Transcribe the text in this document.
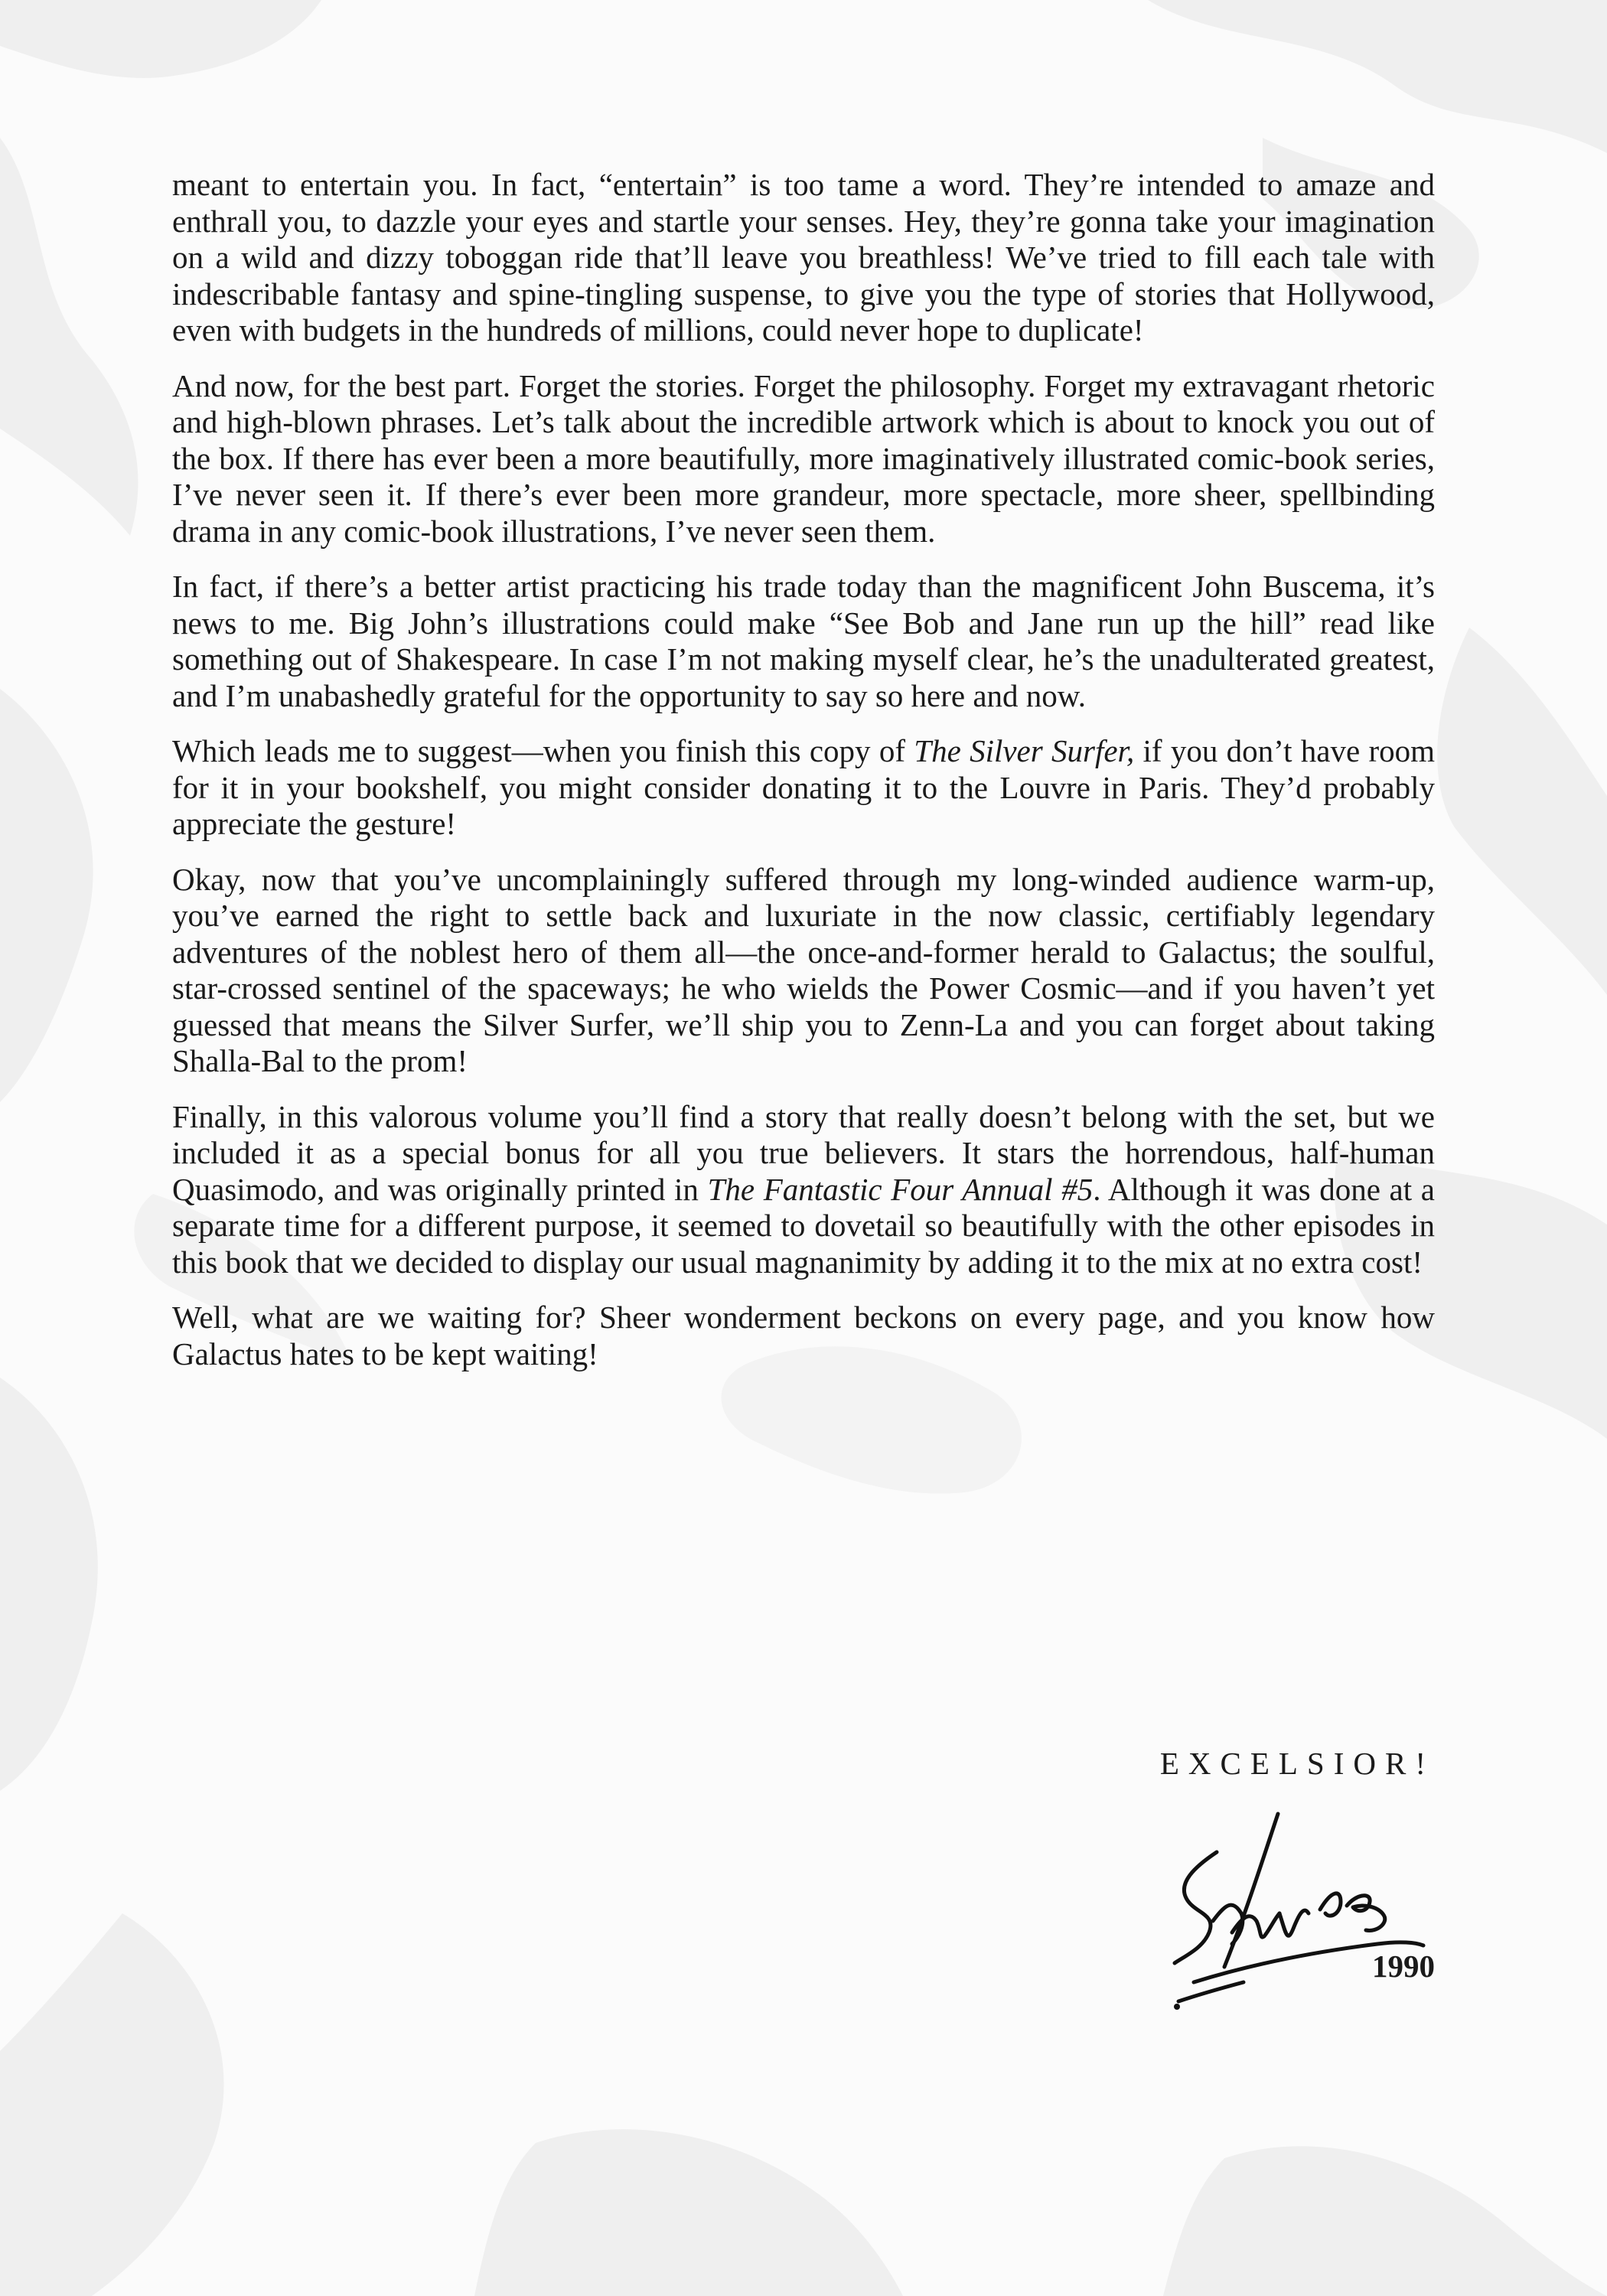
meant to entertain you. In fact, “entertain” is too tame a word. They’re intended to amaze and enthrall you, to dazzle your eyes and startle your senses. Hey, they’re gonna take your imagination on a wild and dizzy toboggan ride that’ll leave you breathless! We’ve tried to fill each tale with indescribable fantasy and spine-tingling suspense, to give you the type of stories that Hollywood, even with budgets in the hundreds of millions, could never hope to duplicate!

And now, for the best part. Forget the stories. Forget the philosophy. Forget my extravagant rhetoric and high-blown phrases. Let’s talk about the incredible artwork which is about to knock you out of the box. If there has ever been a more beautifully, more imaginatively illustrated comic-book series, I’ve never seen it. If there’s ever been more grandeur, more spectacle, more sheer, spellbinding drama in any comic-book illustrations, I’ve never seen them.

In fact, if there’s a better artist practicing his trade today than the magnificent John Buscema, it’s news to me. Big John’s illustrations could make “See Bob and Jane run up the hill” read like something out of Shakespeare. In case I’m not making myself clear, he’s the unadulterated greatest, and I’m unabashedly grateful for the opportunity to say so here and now.

Which leads me to suggest—when you finish this copy of The Silver Surfer, if you don’t have room for it in your bookshelf, you might consider donating it to the Louvre in Paris. They’d probably appreciate the gesture!

Okay, now that you’ve uncomplainingly suffered through my long-winded audience warm-up, you’ve earned the right to settle back and luxuriate in the now classic, certifiably legendary adventures of the noblest hero of them all—the once-and-former herald to Galactus; the soulful, star-crossed sentinel of the spaceways; he who wields the Power Cosmic—and if you haven’t yet guessed that means the Silver Surfer, we’ll ship you to Zenn-La and you can forget about taking Shalla-Bal to the prom!

Finally, in this valorous volume you’ll find a story that really doesn’t belong with the set, but we included it as a special bonus for all you true believers. It stars the horrendous, half-human Quasimodo, and was originally printed in The Fantastic Four Annual #5. Although it was done at a separate time for a different purpose, it seemed to dovetail so beautifully with the other episodes in this book that we decided to display our usual magnanimity by adding it to the mix at no extra cost!

Well, what are we waiting for? Sheer wonderment beckons on every page, and you know how Galactus hates to be kept waiting!

EXCELSIOR!
1990
